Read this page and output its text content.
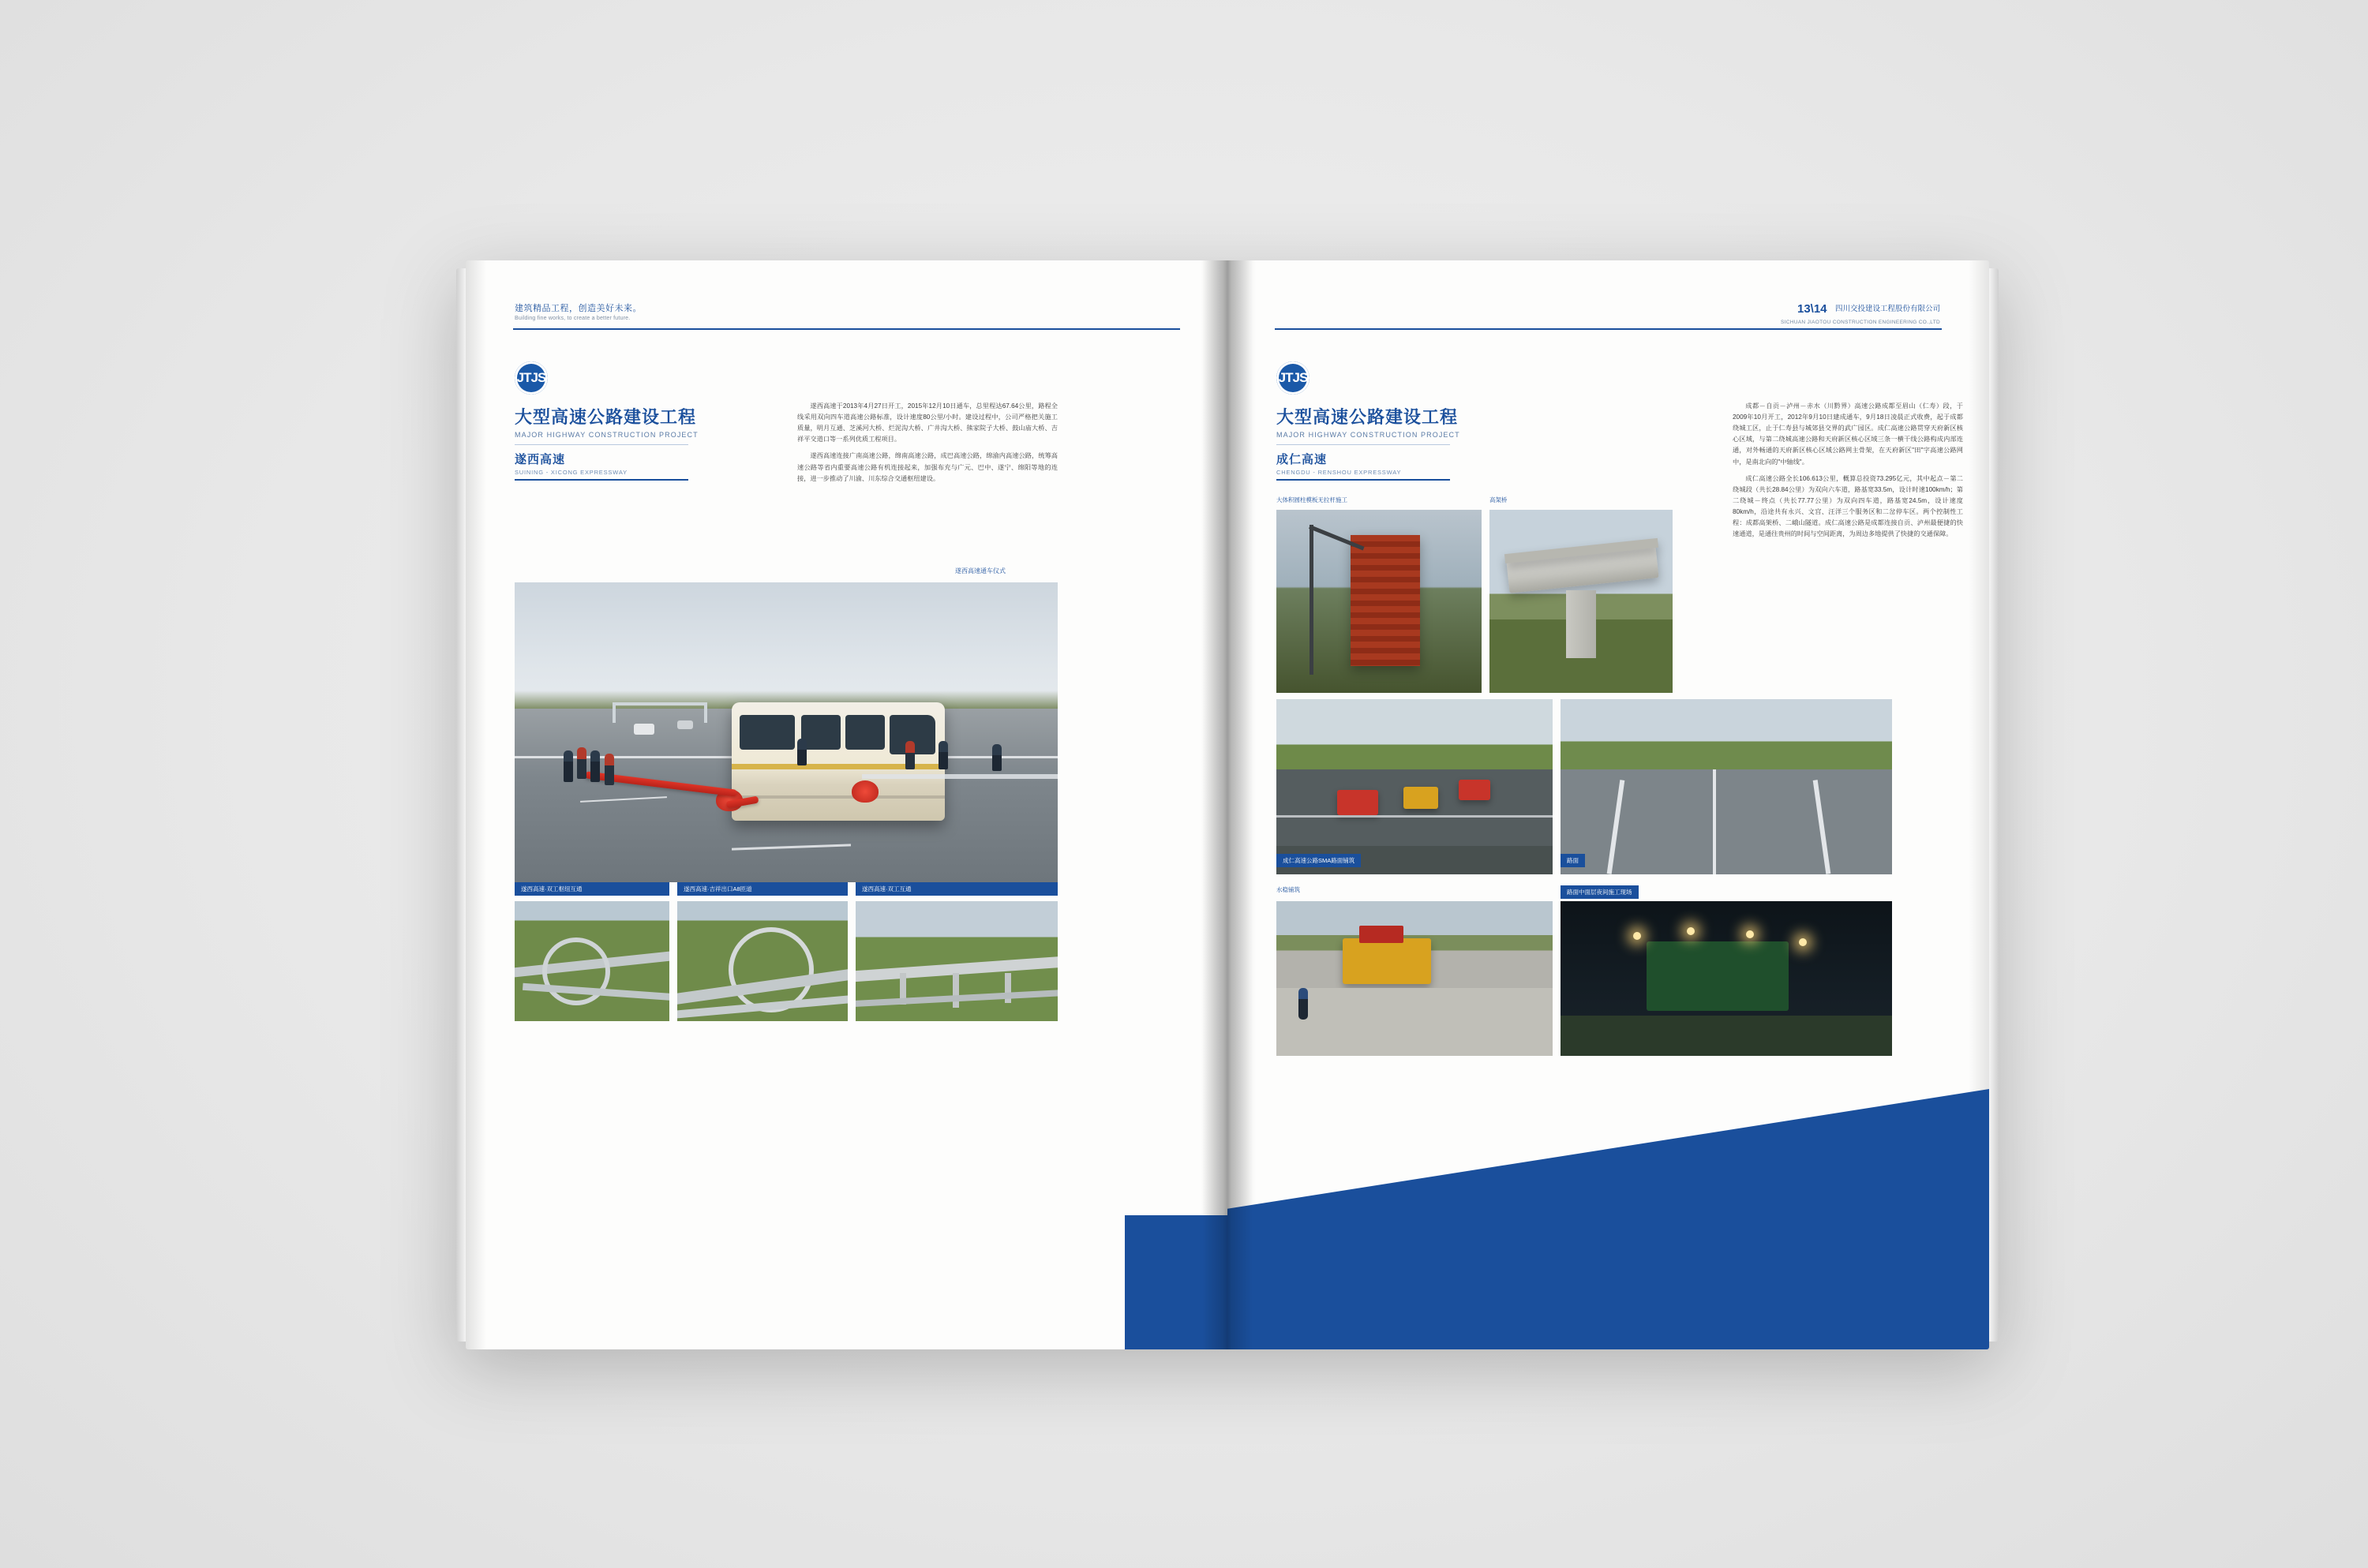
建筑精品工程，创造美好未来。
Building fine works, to create a better future.
JTJS
大型高速公路建设工程
MAJOR HIGHWAY CONSTRUCTION PROJECT
遂西高速
SUINING - XICONG EXPRESSWAY

遂西高速于2013年4月27日开工，2015年12月10日通车，总里程达67.64公里，路程全线采用双向四车道高速公路标准，设计速度80公里/小时。建设过程中，公司严格把关施工质量，明月互通、芝溪河大桥、烂泥沟大桥、广井沟大桥、熊家院子大桥、鼓山庙大桥、吉祥平交道口等一系列优质工程项目。

遂西高速连接广南高速公路，绵南高速公路，成巴高速公路，绵渝内高速公路，统筹高速公路等省内重要高速公路有机连接起来，加强布充与广元、巴中、遂宁、绵阳等地的连接，进一步推动了川渝、川东综合交通枢纽建设。

遂西高速通车仪式
遂西高速·双工枢纽互通	遂西高速·吉祥出口A8匝道	遂西高速·双工互通
13\14 四川交投建设工程股份有限公司
SICHUAN JIAOTOU CONSTRUCTION ENGINEERING CO.,LTD
JTJS
大型高速公路建设工程
MAJOR HIGHWAY CONSTRUCTION PROJECT
成仁高速
CHENGDU - RENSHOU EXPRESSWAY

成都－自贡－泸州－赤水（川黔界）高速公路成都至眉山（仁寿）段，于2009年10月开工，2012年9月10日建成通车，9月18日凌晨正式收费，起于成都绕城工区，止于仁寿县与城郊县交界的武广园区。成仁高速公路贯穿天府新区核心区域，与第二绕城高速公路和天府新区核心区域三条一横干线公路构成内部连通，对外畅通的天府新区核心区域公路网主骨架，在天府新区"田"字高速公路网中，是南北向的"中轴线"。

成仁高速公路全长106.613公里，概算总投资73.295亿元，其中起点－第二绕城段（共长28.84公里）为双向六车道，路基宽33.5m，设计时速100km/h；第二绕城－终点（共长77.77公里）为双向四车道，路基宽24.5m，设计速度80km/h，沿途共有永兴、文宫、汪洋三个服务区和二岔停车区。两个控制性工程：成都高架桥、二峨山隧道。成仁高速公路是成都连接自贡、泸州最便捷的快速通道，是通往贵州的时间与空间距离，为周边多地提供了快捷的交通保障。

大体积圆柱模板无拉杆施工	高架桥
成仁高速公路SMA路面铺筑	路面
水稳铺筑	路面中面层夜间施工现场
